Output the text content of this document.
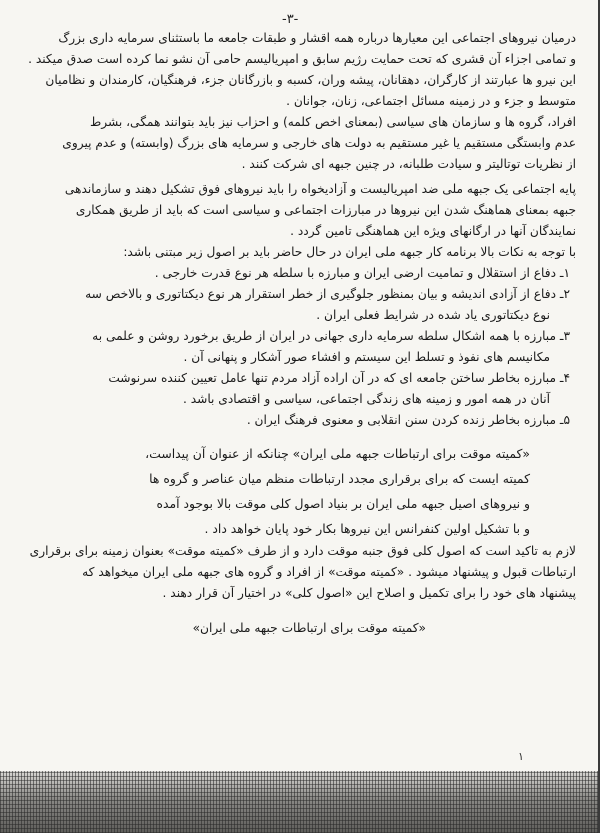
-۳-
درمیان نیروهای اجتماعی این معیارها درباره همه اقشار و طبقات جامعه ما باستثنای سرمایه داری بزرگ
و تمامی اجزاء آن قشری که تحت حمایت رژیم سابق و امپریالیسم حامی آن نشو نما کرده است صدق میکند .
این نیرو ها عبارتند از کارگران، دهقانان، پیشه وران، کسبه و بازرگانان جزء، فرهنگیان، کارمندان و نظامیان
متوسط و جزء و در زمینه مسائل اجتماعی، زنان، جوانان .
افراد، گروه ها و سازمان های سیاسی (بمعنای اخص کلمه) و احزاب نیز باید بتوانند همگی، بشرط
عدم وابستگی مستقیم یا غیر مستقیم به دولت های خارجی و سرمایه های بزرگ (وابسته) و عدم پیروی
از نظریات توتالیتر و سیادت طلبانه، در چنین جبهه ای شرکت کنند .
پایه اجتماعی یک جبهه ملی ضد امپریالیست و آزادیخواه را باید نیروهای فوق تشکیل دهند و سازماندهی
جبهه بمعنای هماهنگ شدن این نیروها در مبارزات اجتماعی و سیاسی است که باید از طریق همکاری
نمایندگان آنها در ارگانهای ویژه این هماهنگی تامین گردد .
با توجه به نکات بالا برنامه کار جبهه ملی ایران در حال حاضر باید بر اصول زیر مبتنی باشد:
۱ـ دفاع از استقلال و تمامیت ارضی ایران و مبارزه با سلطه هر نوع قدرت خارجی .
۲ـ دفاع از آزادی اندیشه و بیان بمنظور جلوگیری از خطر استقرار هر نوع دیکتاتوری و بالاخص سه
نوع دیکتاتوری یاد شده در شرایط فعلی ایران .
۳ـ مبارزه با همه اشکال سلطه سرمایه داری جهانی در ایران از طریق برخورد روشن و علمی به
مکانیسم های نفوذ و تسلط این سیستم و افشاء صور آشکار و پنهانی آن .
۴ـ مبارزه بخاطر ساختن جامعه ای که در آن اراده آزاد مردم تنها عامل تعیین کننده سرنوشت
آنان در همه امور و زمینه های زندگی اجتماعی، سیاسی و اقتصادی باشد .
۵ـ مبارزه بخاطر زنده کردن سنن انقلابی و معنوی فرهنگ ایران .
«کمیته موقت برای ارتباطات جبهه ملی ایران» چنانکه از عنوان آن پیداست،
کمیته ایست که برای برقراری مجدد ارتباطات منظم میان عناصر و گروه ها
و نیروهای اصیل جبهه ملی ایران بر بنیاد اصول کلی موقت بالا بوجود آمده
و با تشکیل اولین کنفرانس این نیروها بکار خود پایان خواهد داد .
لازم به تاکید است که اصول کلی فوق جنبه موقت دارد و از طرف «کمیته موقت» بعنوان زمینه برای برقراری
ارتباطات قبول و پیشنهاد میشود . «کمیته موقت» از افراد و گروه های جبهه ملی ایران میخواهد که
پیشنهاد های خود را برای تکمیل و اصلاح این «اصول کلی» در اختیار آن قرار دهند .
«کمیته موقت برای ارتباطات جبهه ملی ایران»
۱
